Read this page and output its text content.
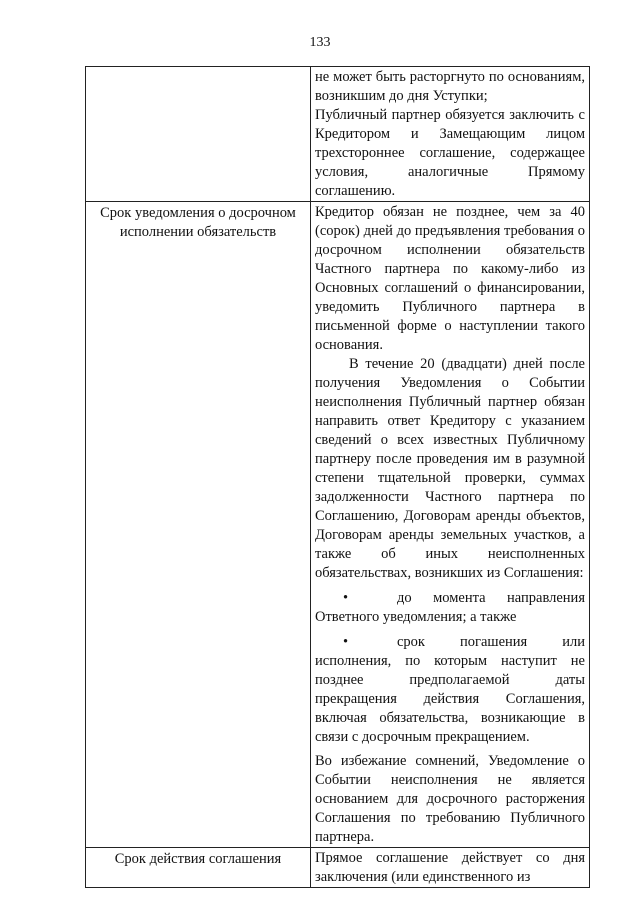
133

	не может быть расторгнуто по основаниям, возникшим до дня Уступки;

Публичный партнер обязуется заключить с Кредитором и Замещающим лицом трехстороннее соглашение, содержащее условия, аналогичные Прямому соглашению.

Срок уведомления о досрочном исполнении обязательств	Кредитор обязан не позднее, чем за 40 (сорок) дней до предъявления требования о досрочном исполнении обязательств Частного партнера по какому-либо из Основных соглашений о финансировании, уведомить Публичного партнера в письменной форме о наступлении такого основания.

В течение 20 (двадцати) дней после получения Уведомления о Событии неисполнения Публичный партнер обязан направить ответ Кредитору с указанием сведений о всех известных Публичному партнеру после проведения им в разумной степени тщательной проверки, суммах задолженности Частного партнера по Соглашению, Договорам аренды объектов, Договорам аренды земельных участков, а также об иных неисполненных обязательствах, возникших из Соглашения:

• до момента направления Ответного уведомления; а также

• срок погашения или исполнения, по которым наступит не позднее предполагаемой даты прекращения действия Соглашения, включая обязательства, возникающие в связи с досрочным прекращением.

Во избежание сомнений, Уведомление о Событии неисполнения не является основанием для досрочного расторжения Соглашения по требованию Публичного партнера.

Срок действия соглашения	Прямое соглашение действует со дня заключения (или единственного из
